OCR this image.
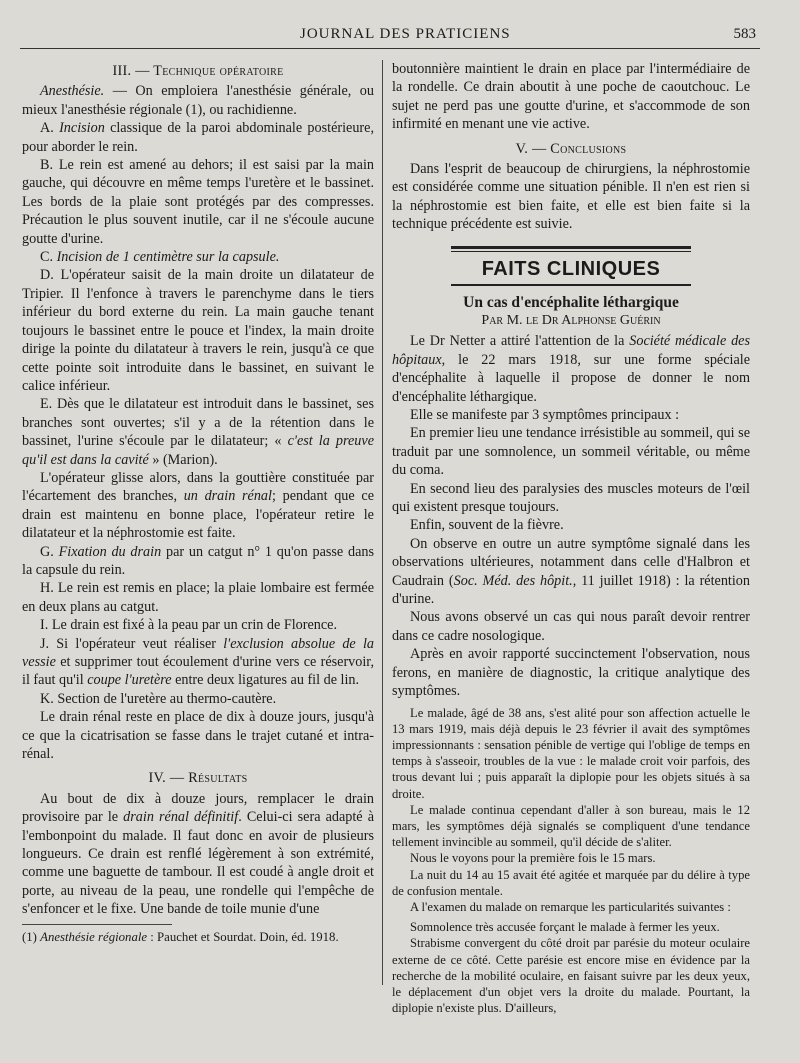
JOURNAL DES PRATICIENS	583
III. — Technique opératoire

Anesthésie. — On emploiera l'anesthésie générale, ou mieux l'anesthésie régionale (1), ou rachidienne.

A. Incision classique de la paroi abdominale postérieure, pour aborder le rein.

B. Le rein est amené au dehors; il est saisi par la main gauche, qui découvre en même temps l'uretère et le bassinet. Les bords de la plaie sont protégés par des compresses. Précaution le plus souvent inutile, car il ne s'écoule aucune goutte d'urine.

C. Incision de 1 centimètre sur la capsule.

D. L'opérateur saisit de la main droite un dilatateur de Tripier. Il l'enfonce à travers le parenchyme dans le tiers inférieur du bord externe du rein. La main gauche tenant toujours le bassinet entre le pouce et l'index, la main droite dirige la pointe du dilatateur à travers le rein, jusqu'à ce que cette pointe soit introduite dans le bassinet, en suivant le calice inférieur.

E. Dès que le dilatateur est introduit dans le bassinet, ses branches sont ouvertes; s'il y a de la rétention dans le bassinet, l'urine s'écoule par le dilatateur; « c'est la preuve qu'il est dans la cavité » (Marion).

L'opérateur glisse alors, dans la gouttière constituée par l'écartement des branches, un drain rénal; pendant que ce drain est maintenu en bonne place, l'opérateur retire le dilatateur et la néphrostomie est faite.

G. Fixation du drain par un catgut n° 1 qu'on passe dans la capsule du rein.

H. Le rein est remis en place; la plaie lombaire est fermée en deux plans au catgut.

I. Le drain est fixé à la peau par un crin de Florence.

J. Si l'opérateur veut réaliser l'exclusion absolue de la vessie et supprimer tout écoulement d'urine vers ce réservoir, il faut qu'il coupe l'uretère entre deux ligatures au fil de lin.

K. Section de l'uretère au thermo-cautère.

Le drain rénal reste en place de dix à douze jours, jusqu'à ce que la cicatrisation se fasse dans le trajet cutané et intra-rénal.

IV. — Résultats

Au bout de dix à douze jours, remplacer le drain provisoire par le drain rénal définitif. Celui-ci sera adapté à l'embonpoint du malade. Il faut donc en avoir de plusieurs longueurs. Ce drain est renflé légèrement à son extrémité, comme une baguette de tambour. Il est coudé à angle droit et porte, au niveau de la peau, une rondelle qui l'empêche de s'enfoncer et le fixe. Une bande de toile munie d'une

(1) Anesthésie régionale : Pauchet et Sourdat. Doin, éd. 1918.

boutonnière maintient le drain en place par l'intermédiaire de la rondelle. Ce drain aboutit à une poche de caoutchouc. Le sujet ne perd pas une goutte d'urine, et s'accommode de son infirmité en menant une vie active.

V. — Conclusions

Dans l'esprit de beaucoup de chirurgiens, la néphrostomie est considérée comme une situation pénible. Il n'en est rien si la néphrostomie est bien faite, et elle est bien faite si la technique précédente est suivie.

FAITS CLINIQUES
Un cas d'encéphalite léthargique
Par M. le Dr Alphonse Guérin

Le Dr Netter a attiré l'attention de la Société médicale des hôpitaux, le 22 mars 1918, sur une forme spéciale d'encéphalite à laquelle il propose de donner le nom d'encéphalite léthargique.

Elle se manifeste par 3 symptômes principaux :

En premier lieu une tendance irrésistible au sommeil, qui se traduit par une somnolence, un sommeil véritable, ou même du coma.

En second lieu des paralysies des muscles moteurs de l'œil qui existent presque toujours.

Enfin, souvent de la fièvre.

On observe en outre un autre symptôme signalé dans les observations ultérieures, notamment dans celle d'Halbron et Caudrain (Soc. Méd. des hôpit., 11 juillet 1918) : la rétention d'urine.

Nous avons observé un cas qui nous paraît devoir rentrer dans ce cadre nosologique.

Après en avoir rapporté succinctement l'observation, nous ferons, en manière de diagnostic, la critique analytique des symptômes.

Le malade, âgé de 38 ans, s'est alité pour son affection actuelle le 13 mars 1919, mais déjà depuis le 23 février il avait des symptômes impressionnants : sensation pénible de vertige qui l'oblige de temps en temps à s'asseoir, troubles de la vue : le malade croit voir parfois, des trous devant lui ; puis apparaît la diplopie pour les objets situés à sa droite.

Le malade continua cependant d'aller à son bureau, mais le 12 mars, les symptômes déjà signalés se compliquent d'une tendance tellement invincible au sommeil, qu'il décide de s'aliter.

Nous le voyons pour la première fois le 15 mars.

La nuit du 14 au 15 avait été agitée et marquée par du délire à type de confusion mentale.

A l'examen du malade on remarque les particularités suivantes :

Somnolence très accusée forçant le malade à fermer les yeux.

Strabisme convergent du côté droit par parésie du moteur oculaire externe de ce côté. Cette parésie est encore mise en évidence par la recherche de la mobilité oculaire, en faisant suivre par les deux yeux, le déplacement d'un objet vers la droite du malade. Pourtant, la diplopie n'existe plus. D'ailleurs,
